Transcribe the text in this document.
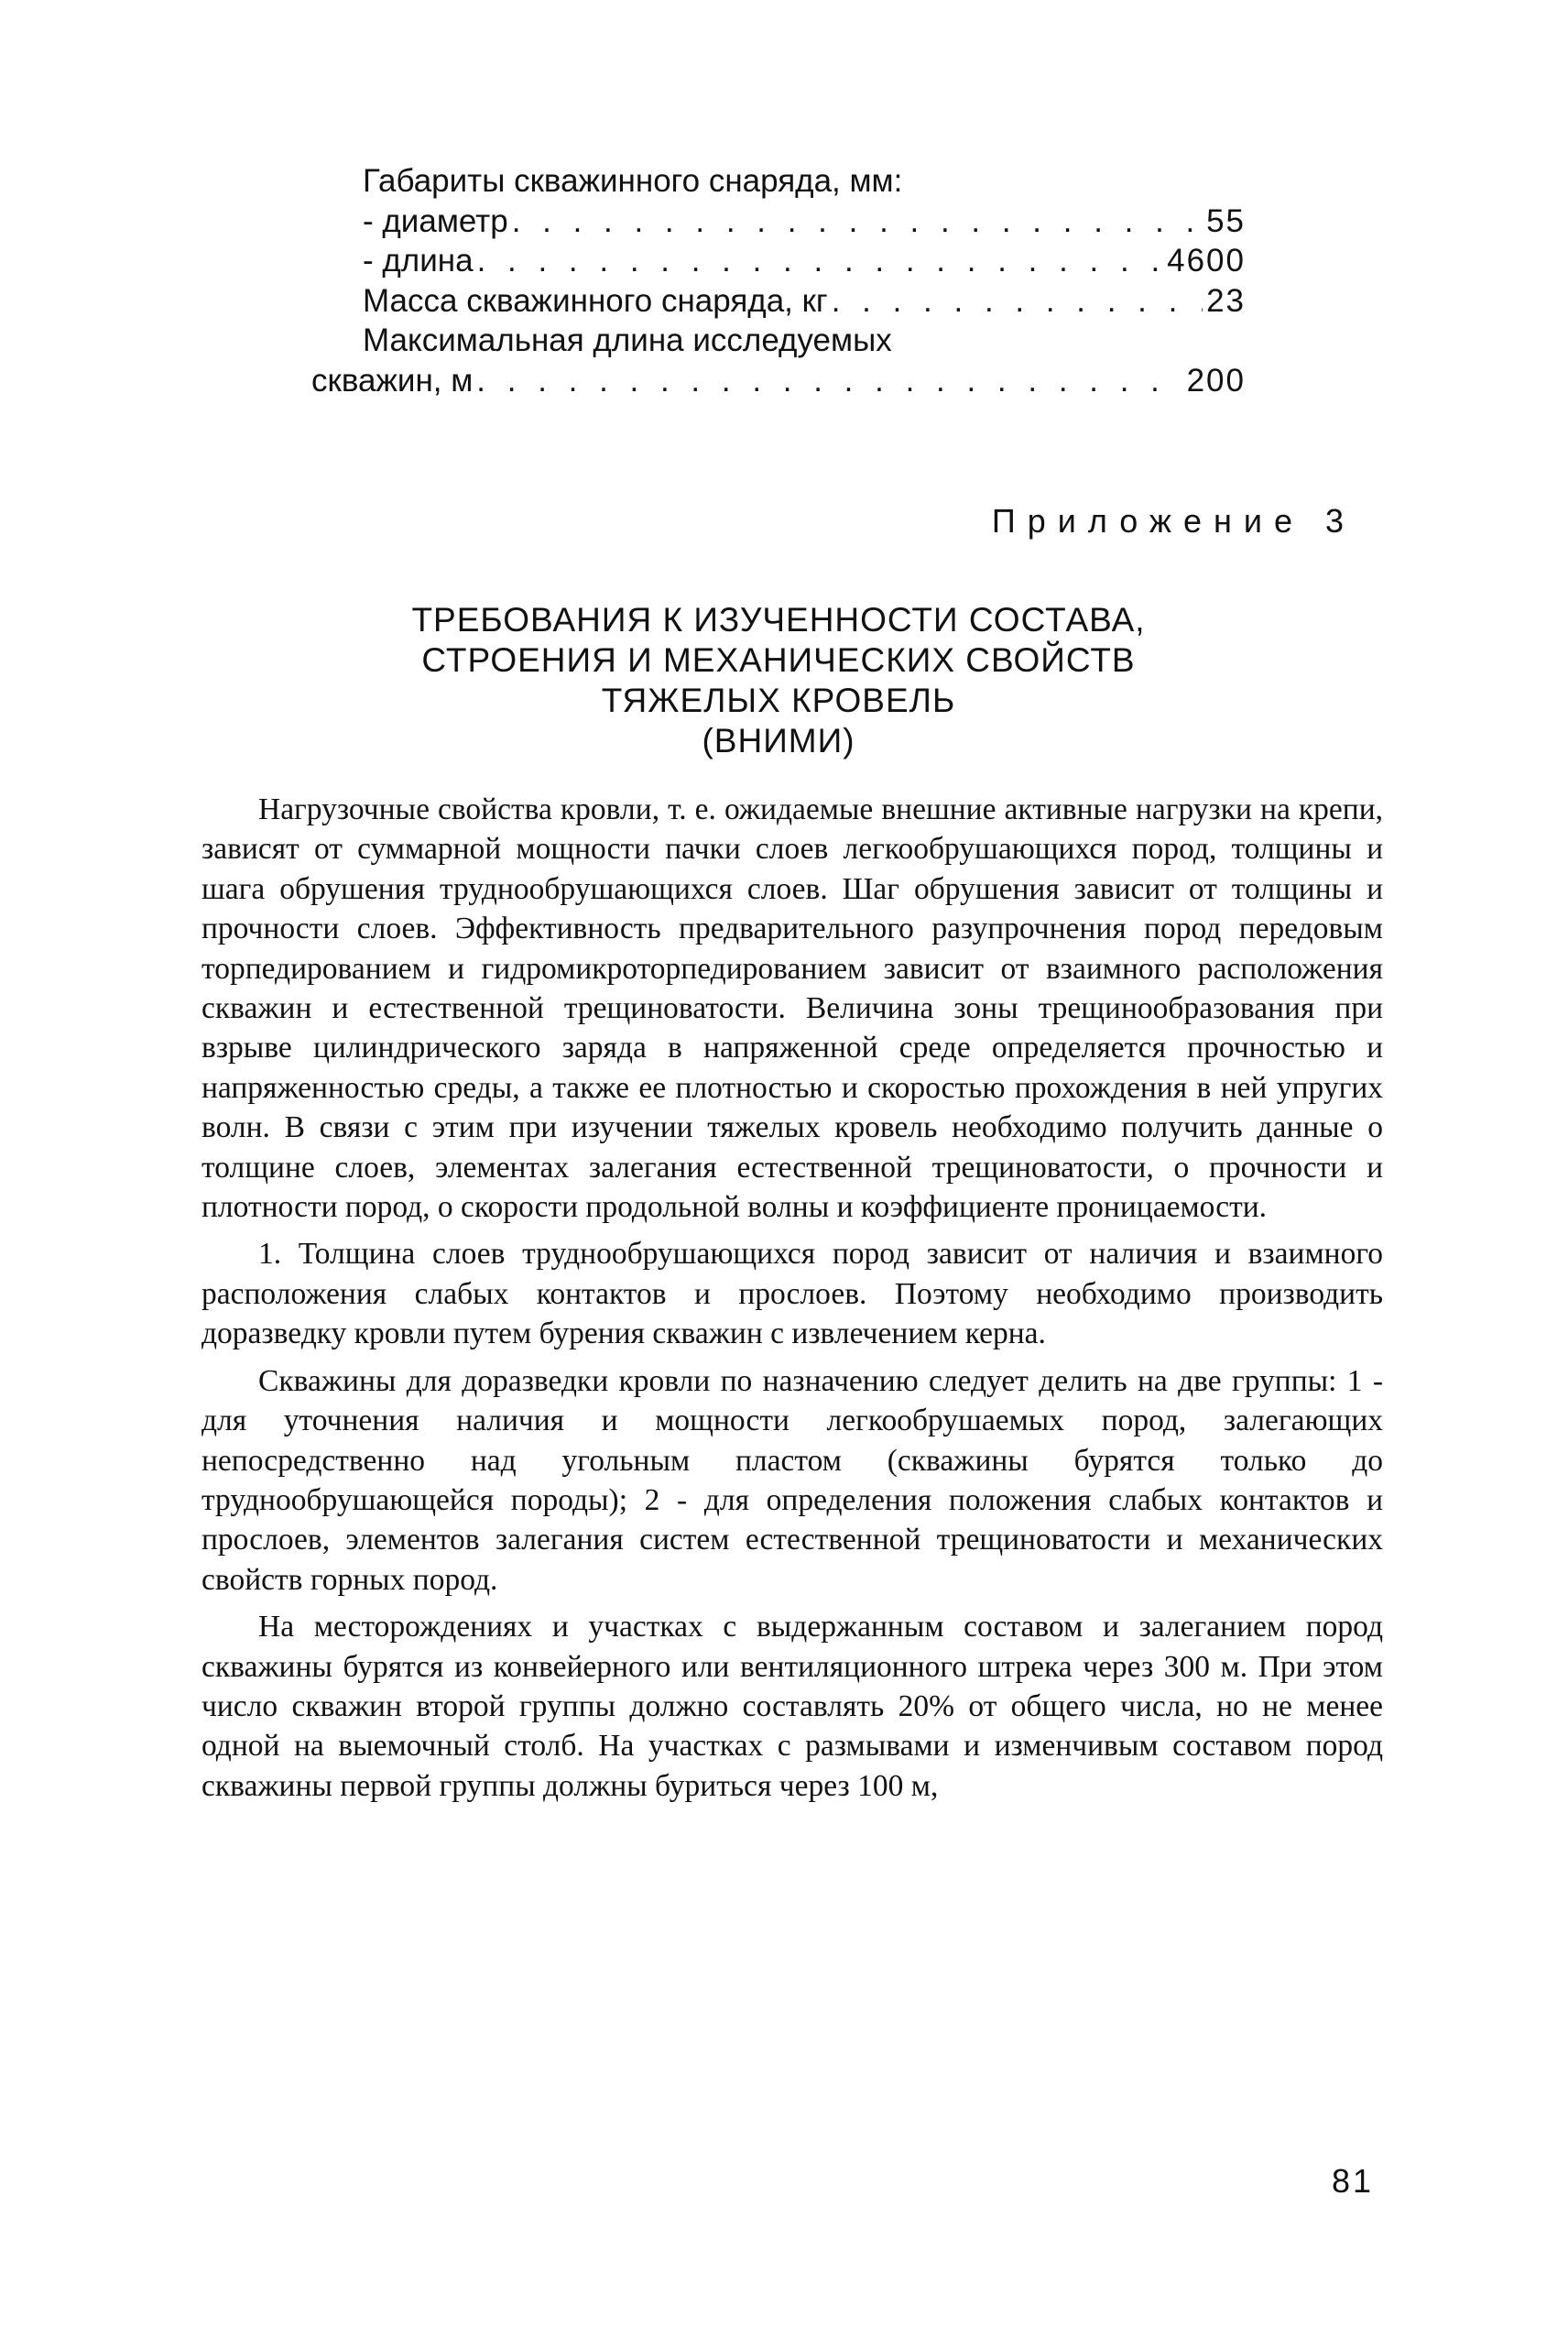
Габариты скважинного снаряда, мм:
- диаметр . . .	55
- длина . . .	4600
Масса скважинного снаряда, кг . . .	23
Максимальная длина исследуемых
скважин, м . . .	200
Приложение 3
ТРЕБОВАНИЯ К ИЗУЧЕННОСТИ СОСТАВА,
СТРОЕНИЯ И МЕХАНИЧЕСКИХ СВОЙСТВ
ТЯЖЕЛЫХ КРОВЕЛЬ
(ВНИМИ)

Нагрузочные свойства кровли, т. е. ожидаемые внешние активные нагрузки на крепи, зависят от суммарной мощности пачки слоев легкообрушающихся пород, толщины и шага обрушения труднообрушающихся слоев. Шаг обрушения зависит от толщины и прочности слоев. Эффективность предварительного разупрочнения пород передовым торпедированием и гидромикроторпедированием зависит от взаимного расположения скважин и естественной трещиноватости. Величина зоны трещинообразования при взрыве цилиндрического заряда в напряженной среде определяется прочностью и напряженностью среды, а также ее плотностью и скоростью прохождения в ней упругих волн. В связи с этим при изучении тяжелых кровель необходимо получить данные о толщине слоев, элементах залегания естественной трещиноватости, о прочности и плотности пород, о скорости продольной волны и коэффициенте проницаемости.

1. Толщина слоев труднообрушающихся пород зависит от наличия и взаимного расположения слабых контактов и прослоев. Поэтому необходимо производить доразведку кровли путем бурения скважин с извлечением керна.

Скважины для доразведки кровли по назначению следует делить на две группы: 1 - для уточнения наличия и мощности легкообрушаемых пород, залегающих непосредственно над угольным пластом (скважины бурятся только до труднообрушающейся породы); 2 - для определения положения слабых контактов и прослоев, элементов залегания систем естественной трещиноватости и механических свойств горных пород.

На месторождениях и участках с выдержанным составом и залеганием пород скважины бурятся из конвейерного или вентиляционного штрека через 300 м. При этом число скважин второй группы должно составлять 20% от общего числа, но не менее одной на выемочный столб. На участках с размывами и изменчивым составом пород скважины первой группы должны буриться через 100 м,

81
